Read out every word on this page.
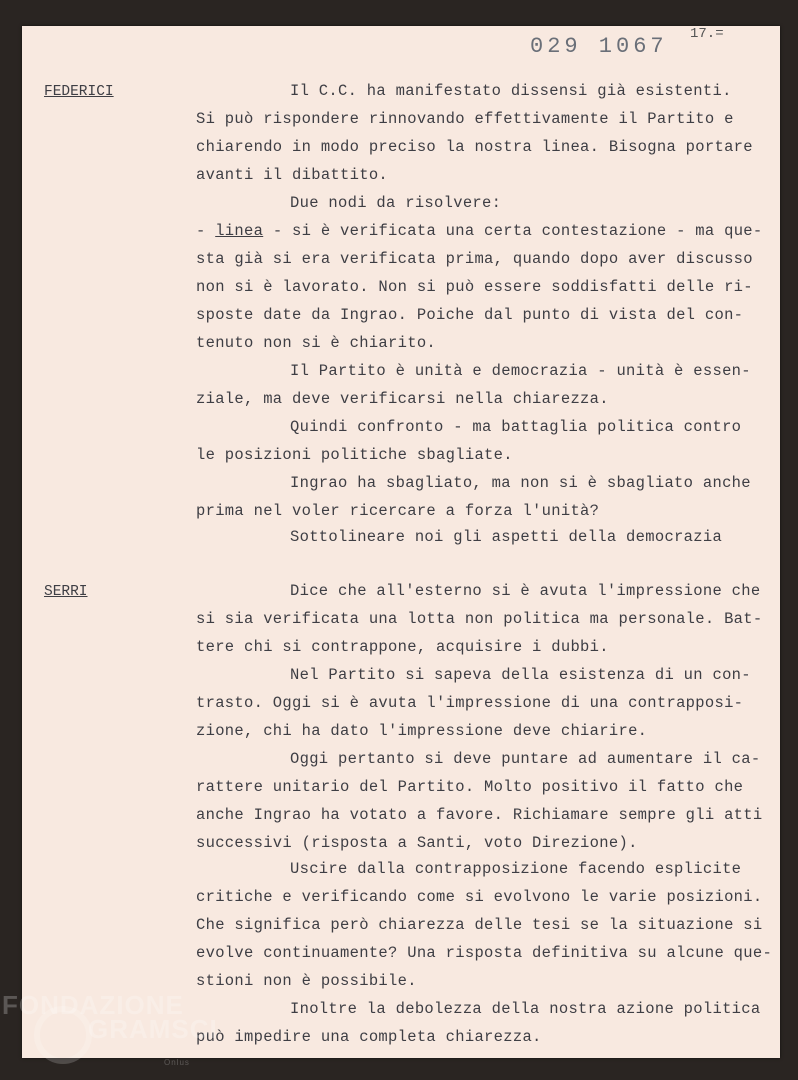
029 1067 17.=
FEDERICI	Il C.C. ha manifestato dissensi già esistenti.
Si può rispondere rinnovando effettivamente il Partito e
chiarendo in modo preciso la nostra linea. Bisogna portare
avanti il dibattito.
Due nodi da risolvere:
- linea - si è verificata una certa contestazione - ma que-
sta già si era verificata prima, quando dopo aver discusso
non si è lavorato. Non si può essere soddisfatti delle ri-
sposte date da Ingrao. Poiche dal punto di vista del con-
tenuto non si è chiarito.
Il Partito è unità e democrazia - unità è essen-
ziale, ma deve verificarsi nella chiarezza.
Quindi confronto - ma battaglia politica contro
le posizioni politiche sbagliate.
Ingrao ha sbagliato, ma non si è sbagliato anche
prima nel voler ricercare a forza l'unità?
Sottolineare noi gli aspetti della democrazia
SERRI	Dice che all'esterno si è avuta l'impressione che
si sia verificata una lotta non politica ma personale. Bat-
tere chi si contrappone, acquisire i dubbi.
Nel Partito si sapeva della esistenza di un con-
trasto. Oggi si è avuta l'impressione di una contrapposi-
zione, chi ha dato l'impressione deve chiarire.
Oggi pertanto si deve puntare ad aumentare il ca-
rattere unitario del Partito. Molto positivo il fatto che
anche Ingrao ha votato a favore. Richiamare sempre gli atti
successivi (risposta a Santi, voto Direzione).
Uscire dalla contrapposizione facendo esplicite
critiche e verificando come si evolvono le varie posizioni.
Che significa però chiarezza delle tesi se la situazione si
evolve continuamente? Una risposta definitiva su alcune que-
stioni non è possibile.
Inoltre la debolezza della nostra azione politica
può impedire una completa chiarezza.
FONDAZIONE
GRAMSCI
Onlus
